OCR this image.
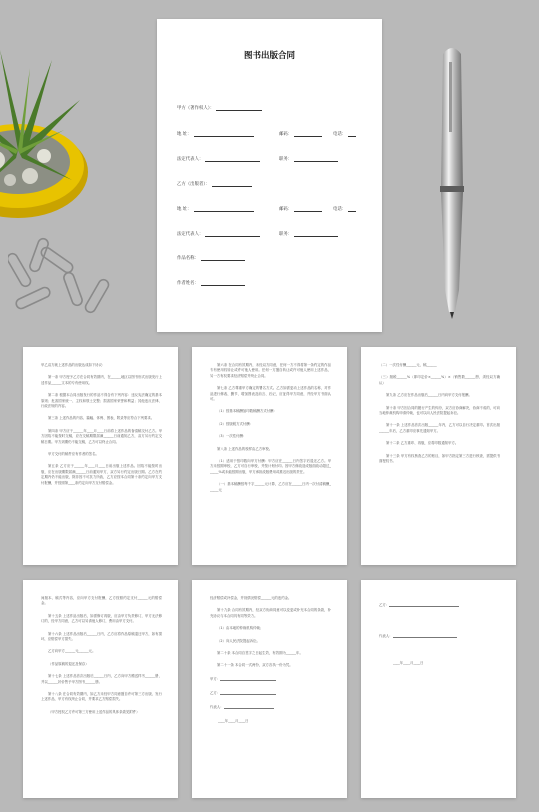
图书出版合同
甲方（著作权人）：
地 址：	邮码：	电话：
法定代表人：	职务：
乙方（出版者）：
地 址：	邮码：	电话：
法定代表人：	职务：
作品名称：
作者姓名：

甲乙双方就上述作品的出版达成如下协议：

第一条 甲方授予乙方在合同有效期内，在______地区以图书形式出版发行上述作品______文本的专有使用权。

第二条 根据本合同出版发行的作品不得含有下列内容：违反宪法确定的基本原则；危害国家统一、主权和领土完整；损害国家荣誉和利益；其他违反法律、行政法规的内容。

第三条 上述作品的内容、篇幅、体例、图表、附录等应符合下列要求。

第四条 甲方应于______年____月____日前将上述作品的誊清稿交付乙方。甲方因故不能按时交稿，应在交稿期限届满______日前通知乙方，双方另行约定交稿日期。甲方到期仍不能交稿，乙方可以终止合同。

甲方交付的稿件应有作者的签名。

第五条 乙方应于______年____月____日前出版上述作品。因故不能按时出版，应在出版期限届满______日前通知甲方，双方另行约定出版日期。乙方在约定期内仍不能出版，除非因不可抗力所致，乙方应按本合同第十条约定向甲方支付报酬，并按照第____条约定向甲方支付赔偿金。

第六条 在合同有效期内，未经双方同意，任何一方不得将第一条约定的作品专有使用权转让或许可他人使用。任何一方擅自转让或许可他人使用上述作品，另一方有权要求经济赔偿并终止合同。

第七条 乙方尊重甲方确定的署名方式。乙方如需更动上述作品的名称，对作品进行修改、删节、增加图表及前言、后记，应征得甲方同意，并经甲方书面认可。

（1）按基本稿酬加印数稿酬方式付酬：

（2）按版税方式付酬：

（3）一次性付酬：

第八条 上述作品的校样由乙方审校。

（1）适用于按印数向甲方付酬：甲方应在______日内签字后退还乙方。甲方未按期审校，乙方可自行审校，并按计划付印。因甲方修改造成版面改动超过______%或未能按期出版，甲方承担改版费用或推迟出版的责任。

（一）基本稿酬按每千字______元计算，乙方应在______日内一次付清稿酬______元

（二）一次性付酬______元，稿______

（三）版税______%（即印定价×______%）×（销售数______册，须经双方确认）

第九条 乙方应在作品出版后______日内向甲方支付报酬。

第十条 甲方因合同的履行产生的纠纷，双方应协商解决，协商不成的，可向当地仲裁机构申请仲裁，也可以向人民法院提起诉讼。

第十一条 上述作品首次出版______年内，乙方可以自行决定重印。首次出版______年后，乙方重印应事先通知甲方。

第十二条 乙方重印、再版，应将印数通知甲方。

第十三条 甲方有权核查乙方的账目，如甲方指定第三方进行核查，需提供书面授权书。

间版本、稿式等内容，应向甲方支付报酬，乙方按照约定支付______元的赔偿金。

第十五条 上述作品出版后，如需修订再版，应由甲方负责修订，甲方无法修订的，经甲方同意，乙方可以另请他人修订，费用由甲方支付。

第十六条 上述作品出版后______日内，乙方应将作品原稿退还甲方，如有损坏，应赔偿甲方损失。

乙方向甲方______元______元。

（作品原稿的退还及保存）

第十七条 上述作品首次出版后______日内，乙方向甲方赠送样书______册，并以______折价售予甲方图书______册。

第十八条 在合同有效期内，如乙方未经甲方同意擅自许可第三方出版、发行上述作品，甲方有权终止合同，并要求乙方赔偿损失。

（甲方授权乙方许可第三方使用上述作品的具体条款见附件）

经济赔偿或补偿金，并视情况赔偿______元的违约金。

第十九条 合同有效期内，经双方协商同意可以变更或补充本合同的条款，补充协议与本合同具有同等效力。

（1）由本地的仲裁机构仲裁；

（2）向人民法院提起诉讼。

第二十条 本合同自签字之日起生效，有效期为______年。

第二十一条 本合同一式两份，双方各执一份为凭。

甲方：
乙方：
代表人：
____年____月____日
乙方：
代表人：
____年____月____日
